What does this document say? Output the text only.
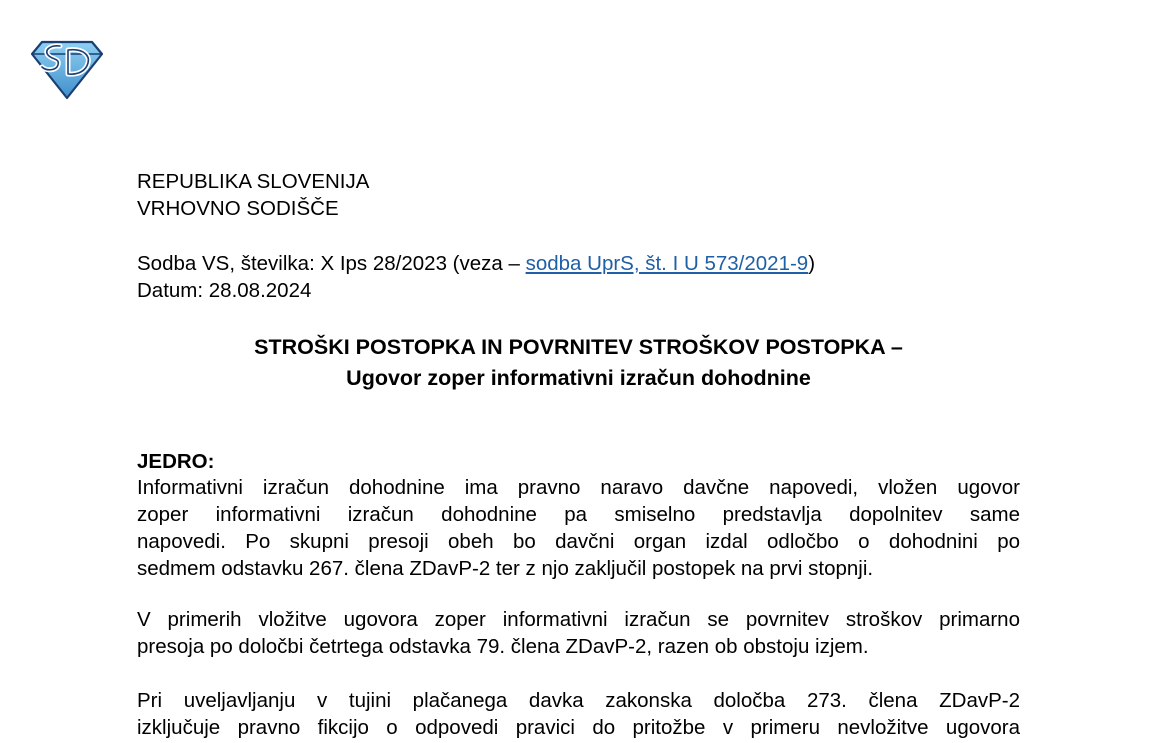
REPUBLIKA SLOVENIJA
VRHOVNO SODIŠČE
Sodba VS, številka: X Ips 28/2023 (veza – sodba UprS, št. I U 573/2021-9)
Datum: 28.08.2024
STROŠKI POSTOPKA IN POVRNITEV STROŠKOV POSTOPKA –
Ugovor zoper informativni izračun dohodnine
JEDRO:
Informativni izračun dohodnine ima pravno naravo davčne napovedi, vložen ugovor
zoper informativni izračun dohodnine pa smiselno predstavlja dopolnitev same
napovedi. Po skupni presoji obeh bo davčni organ izdal odločbo o dohodnini po
sedmem odstavku 267. člena ZDavP-2 ter z njo zaključil postopek na prvi stopnji.
V primerih vložitve ugovora zoper informativni izračun se povrnitev stroškov primarno
presoja po določbi četrtega odstavka 79. člena ZDavP-2, razen ob obstoju izjem.
Pri uveljavljanju v tujini plačanega davka zakonska določba 273. člena ZDavP-2
izključuje pravno fikcijo o odpovedi pravici do pritožbe v primeru nevložitve ugovora
